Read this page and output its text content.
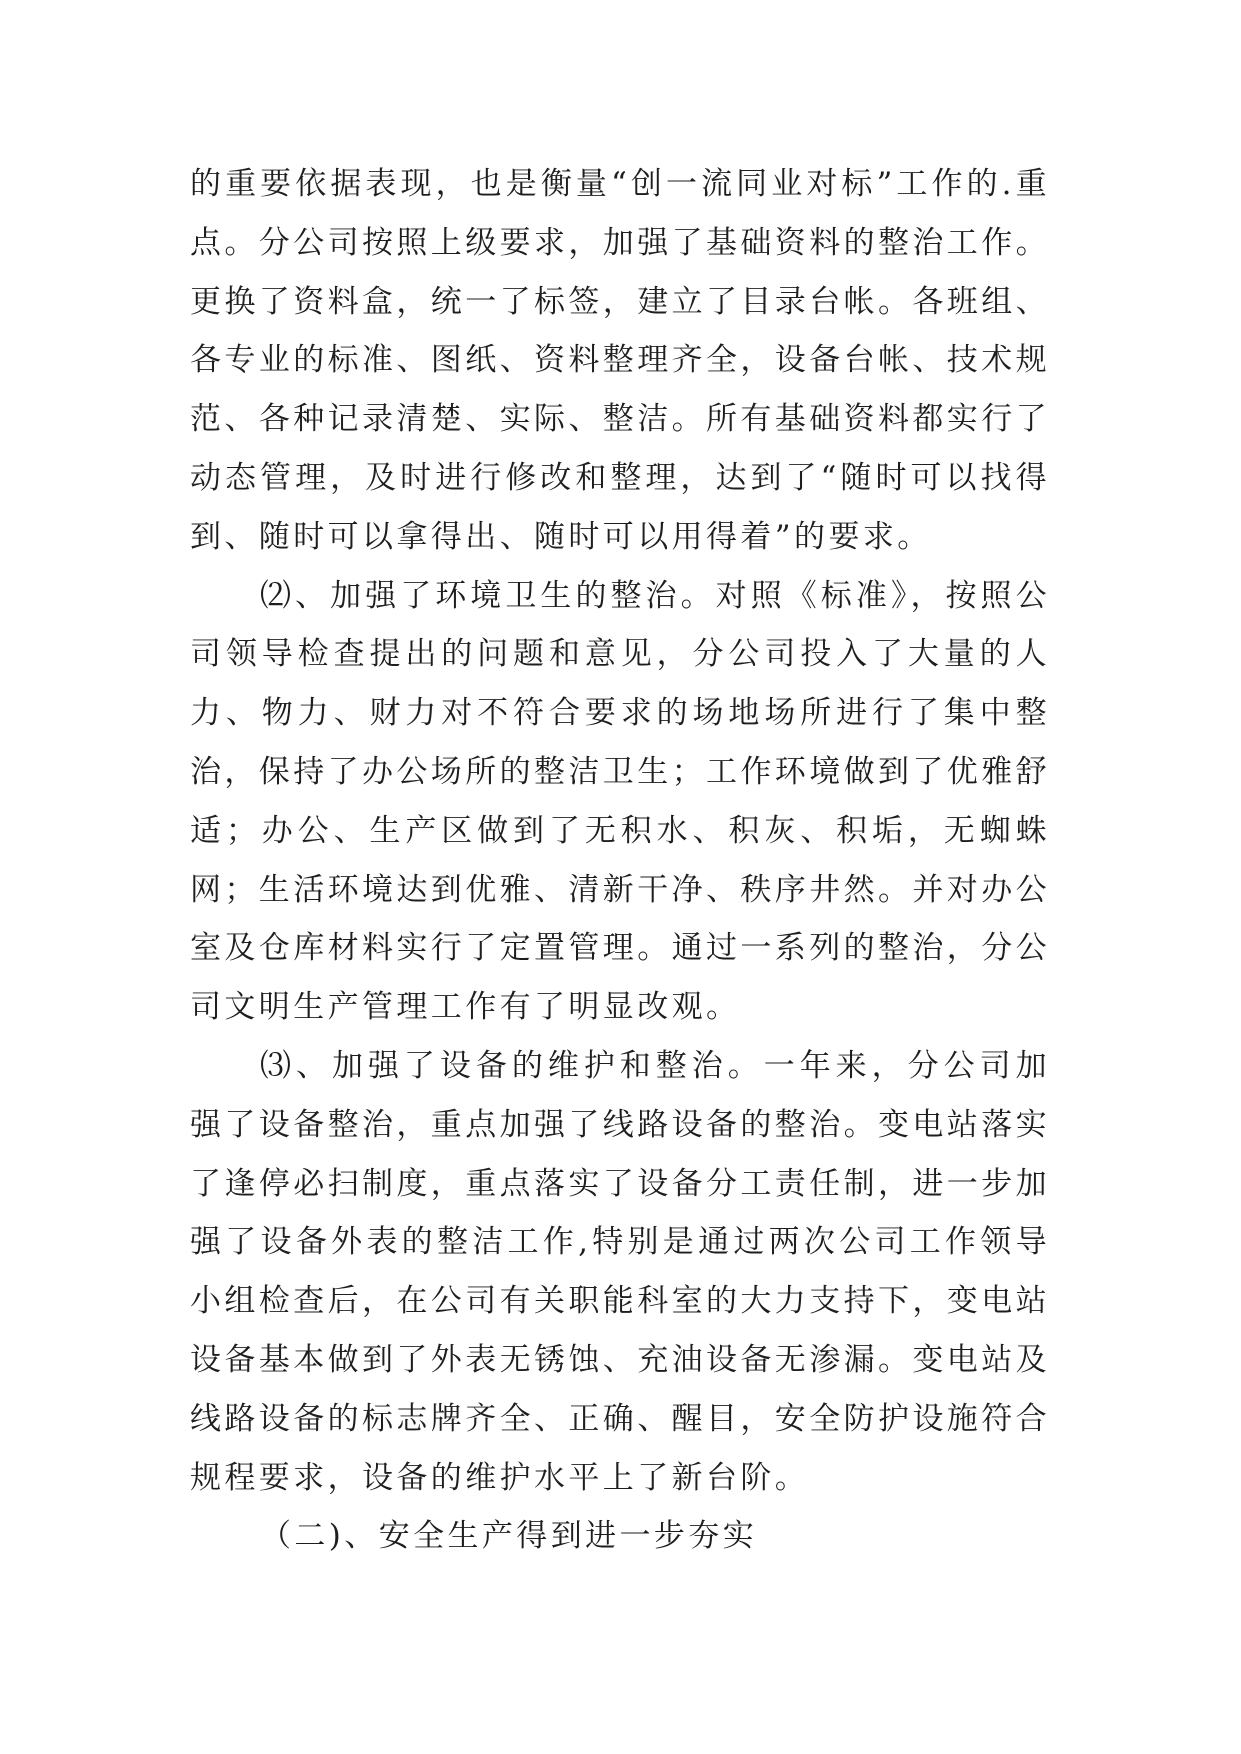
的重要依据表现，也是衡量“创一流同业对标”工作的.重点。分公司按照上级要求，加强了基础资料的整治工作。更换了资料盒，统一了标签，建立了目录台帐。各班组、各专业的标准、图纸、资料整理齐全，设备台帐、技术规范、各种记录清楚、实际、整洁。所有基础资料都实行了动态管理，及时进行修改和整理，达到了“随时可以找得到、随时可以拿得出、随时可以用得着”的要求。

⑵、加强了环境卫生的整治。对照《标准》，按照公司领导检查提出的问题和意见，分公司投入了大量的人力、物力、财力对不符合要求的场地场所进行了集中整治，保持了办公场所的整洁卫生；工作环境做到了优雅舒适；办公、生产区做到了无积水、积灰、积垢，无蜘蛛网；生活环境达到优雅、清新干净、秩序井然。并对办公室及仓库材料实行了定置管理。通过一系列的整治，分公司文明生产管理工作有了明显改观。

⑶、加强了设备的维护和整治。一年来，分公司加强了设备整治，重点加强了线路设备的整治。变电站落实了逢停必扫制度，重点落实了设备分工责任制，进一步加强了设备外表的整洁工作,特别是通过两次公司工作领导小组检查后，在公司有关职能科室的大力支持下，变电站设备基本做到了外表无锈蚀、充油设备无渗漏。变电站及线路设备的标志牌齐全、正确、醒目，安全防护设施符合规程要求，设备的维护水平上了新台阶。

（二)、安全生产得到进一步夯实
